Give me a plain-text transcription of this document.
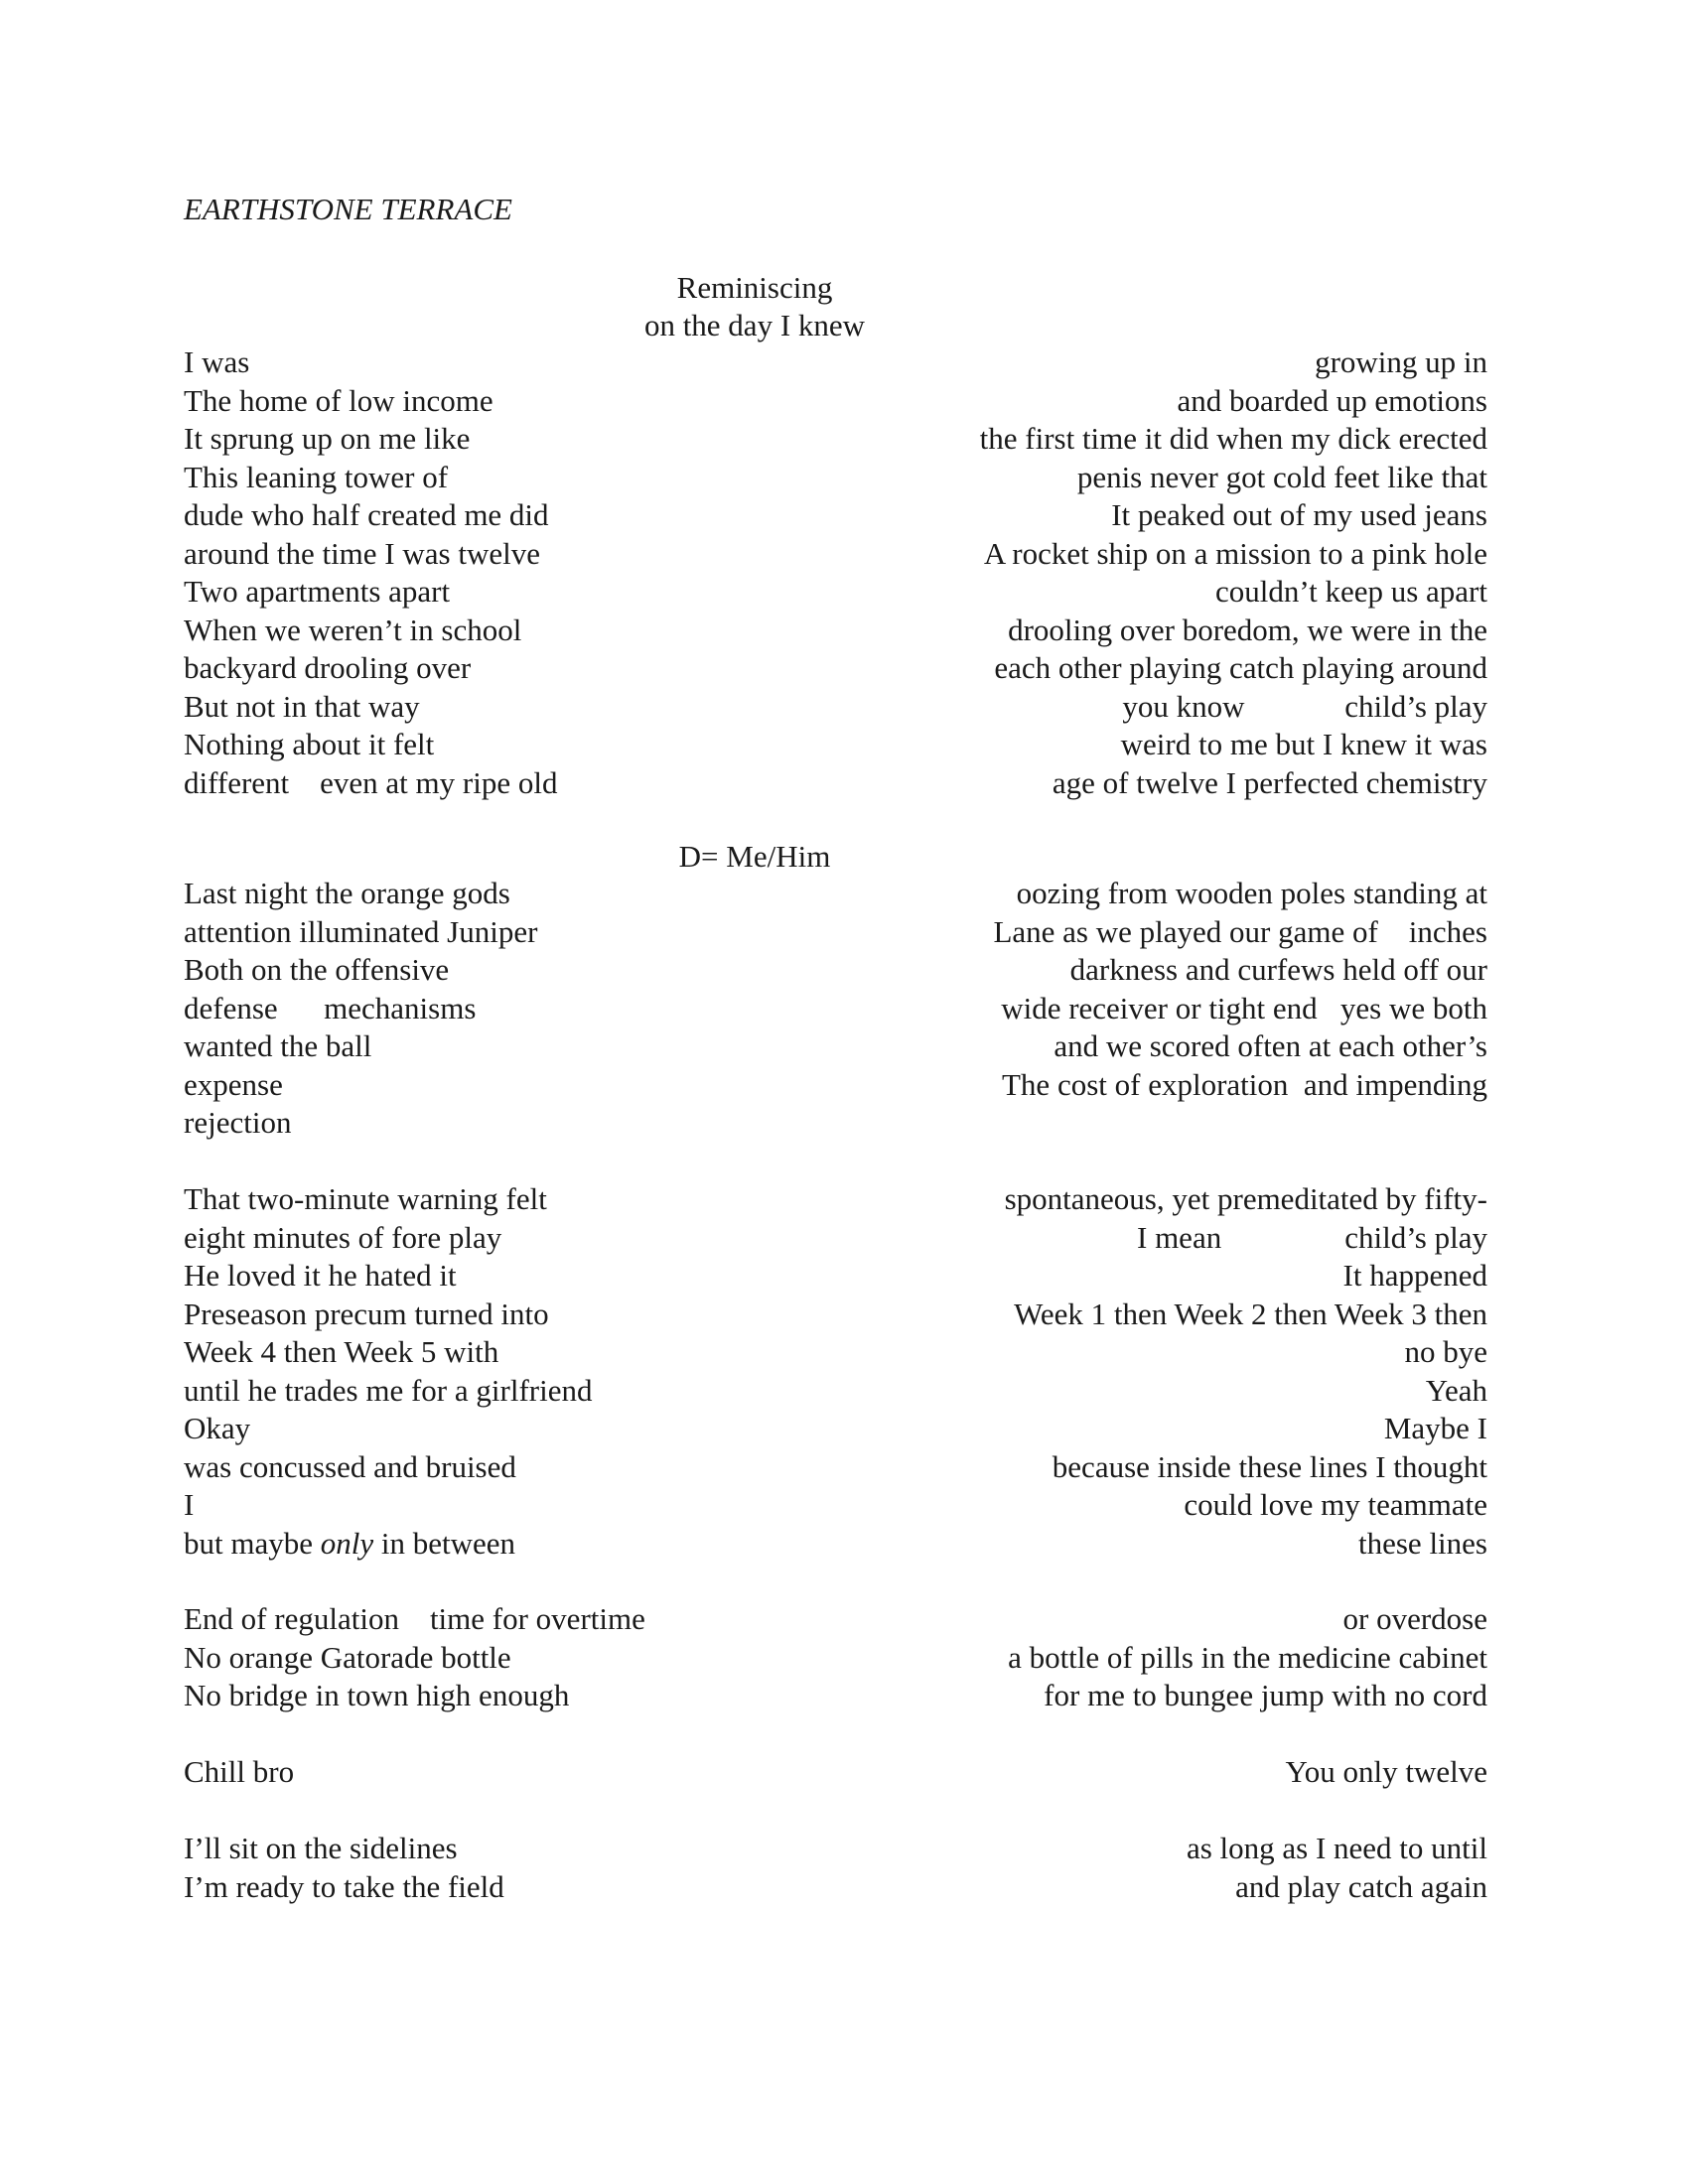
EARTHSTONE TERRACE
Reminiscing
on the day I knew
I was	growing up in
The home of low income	and boarded up emotions
It sprung up on me like	the first time it did when my dick erected
This leaning tower of	penis never got cold feet like that
dude who half created me did	It peaked out of my used jeans
around the time I was twelve	A rocket ship on a mission to a pink hole
Two apartments apart	couldn’t keep us apart
When we weren’t in school	drooling over boredom, we were in the
backyard drooling over	each other playing catch playing around
But not in that way	you know             child’s play
Nothing about it felt	weird to me but I knew it was
different    even at my ripe old	age of twelve I perfected chemistry
D= Me/Him
Last night the orange gods	oozing from wooden poles standing at
attention illuminated Juniper	Lane as we played our game of    inches
Both on the offensive	darkness and curfews held off our
defense      mechanisms	wide receiver or tight end   yes we both
wanted the ball	and we scored often at each other’s
expense	The cost of exploration  and impending
rejection
That two-minute warning felt	spontaneous, yet premeditated by fifty-
eight minutes of fore play	I mean                child’s play
He loved it he hated it	It happened
Preseason precum turned into	Week 1 then Week 2 then Week 3 then
Week 4 then Week 5 with	no bye
until he trades me for a girlfriend	Yeah
Okay	Maybe I
was concussed and bruised	because inside these lines I thought
I	could love my teammate
but maybe only in between	these lines
End of regulation    time for overtime	or overdose
No orange Gatorade bottle	a bottle of pills in the medicine cabinet
No bridge in town high enough	for me to bungee jump with no cord
Chill bro	You only twelve
I’ll sit on the sidelines	as long as I need to until
I’m ready to take the field	and play catch again
